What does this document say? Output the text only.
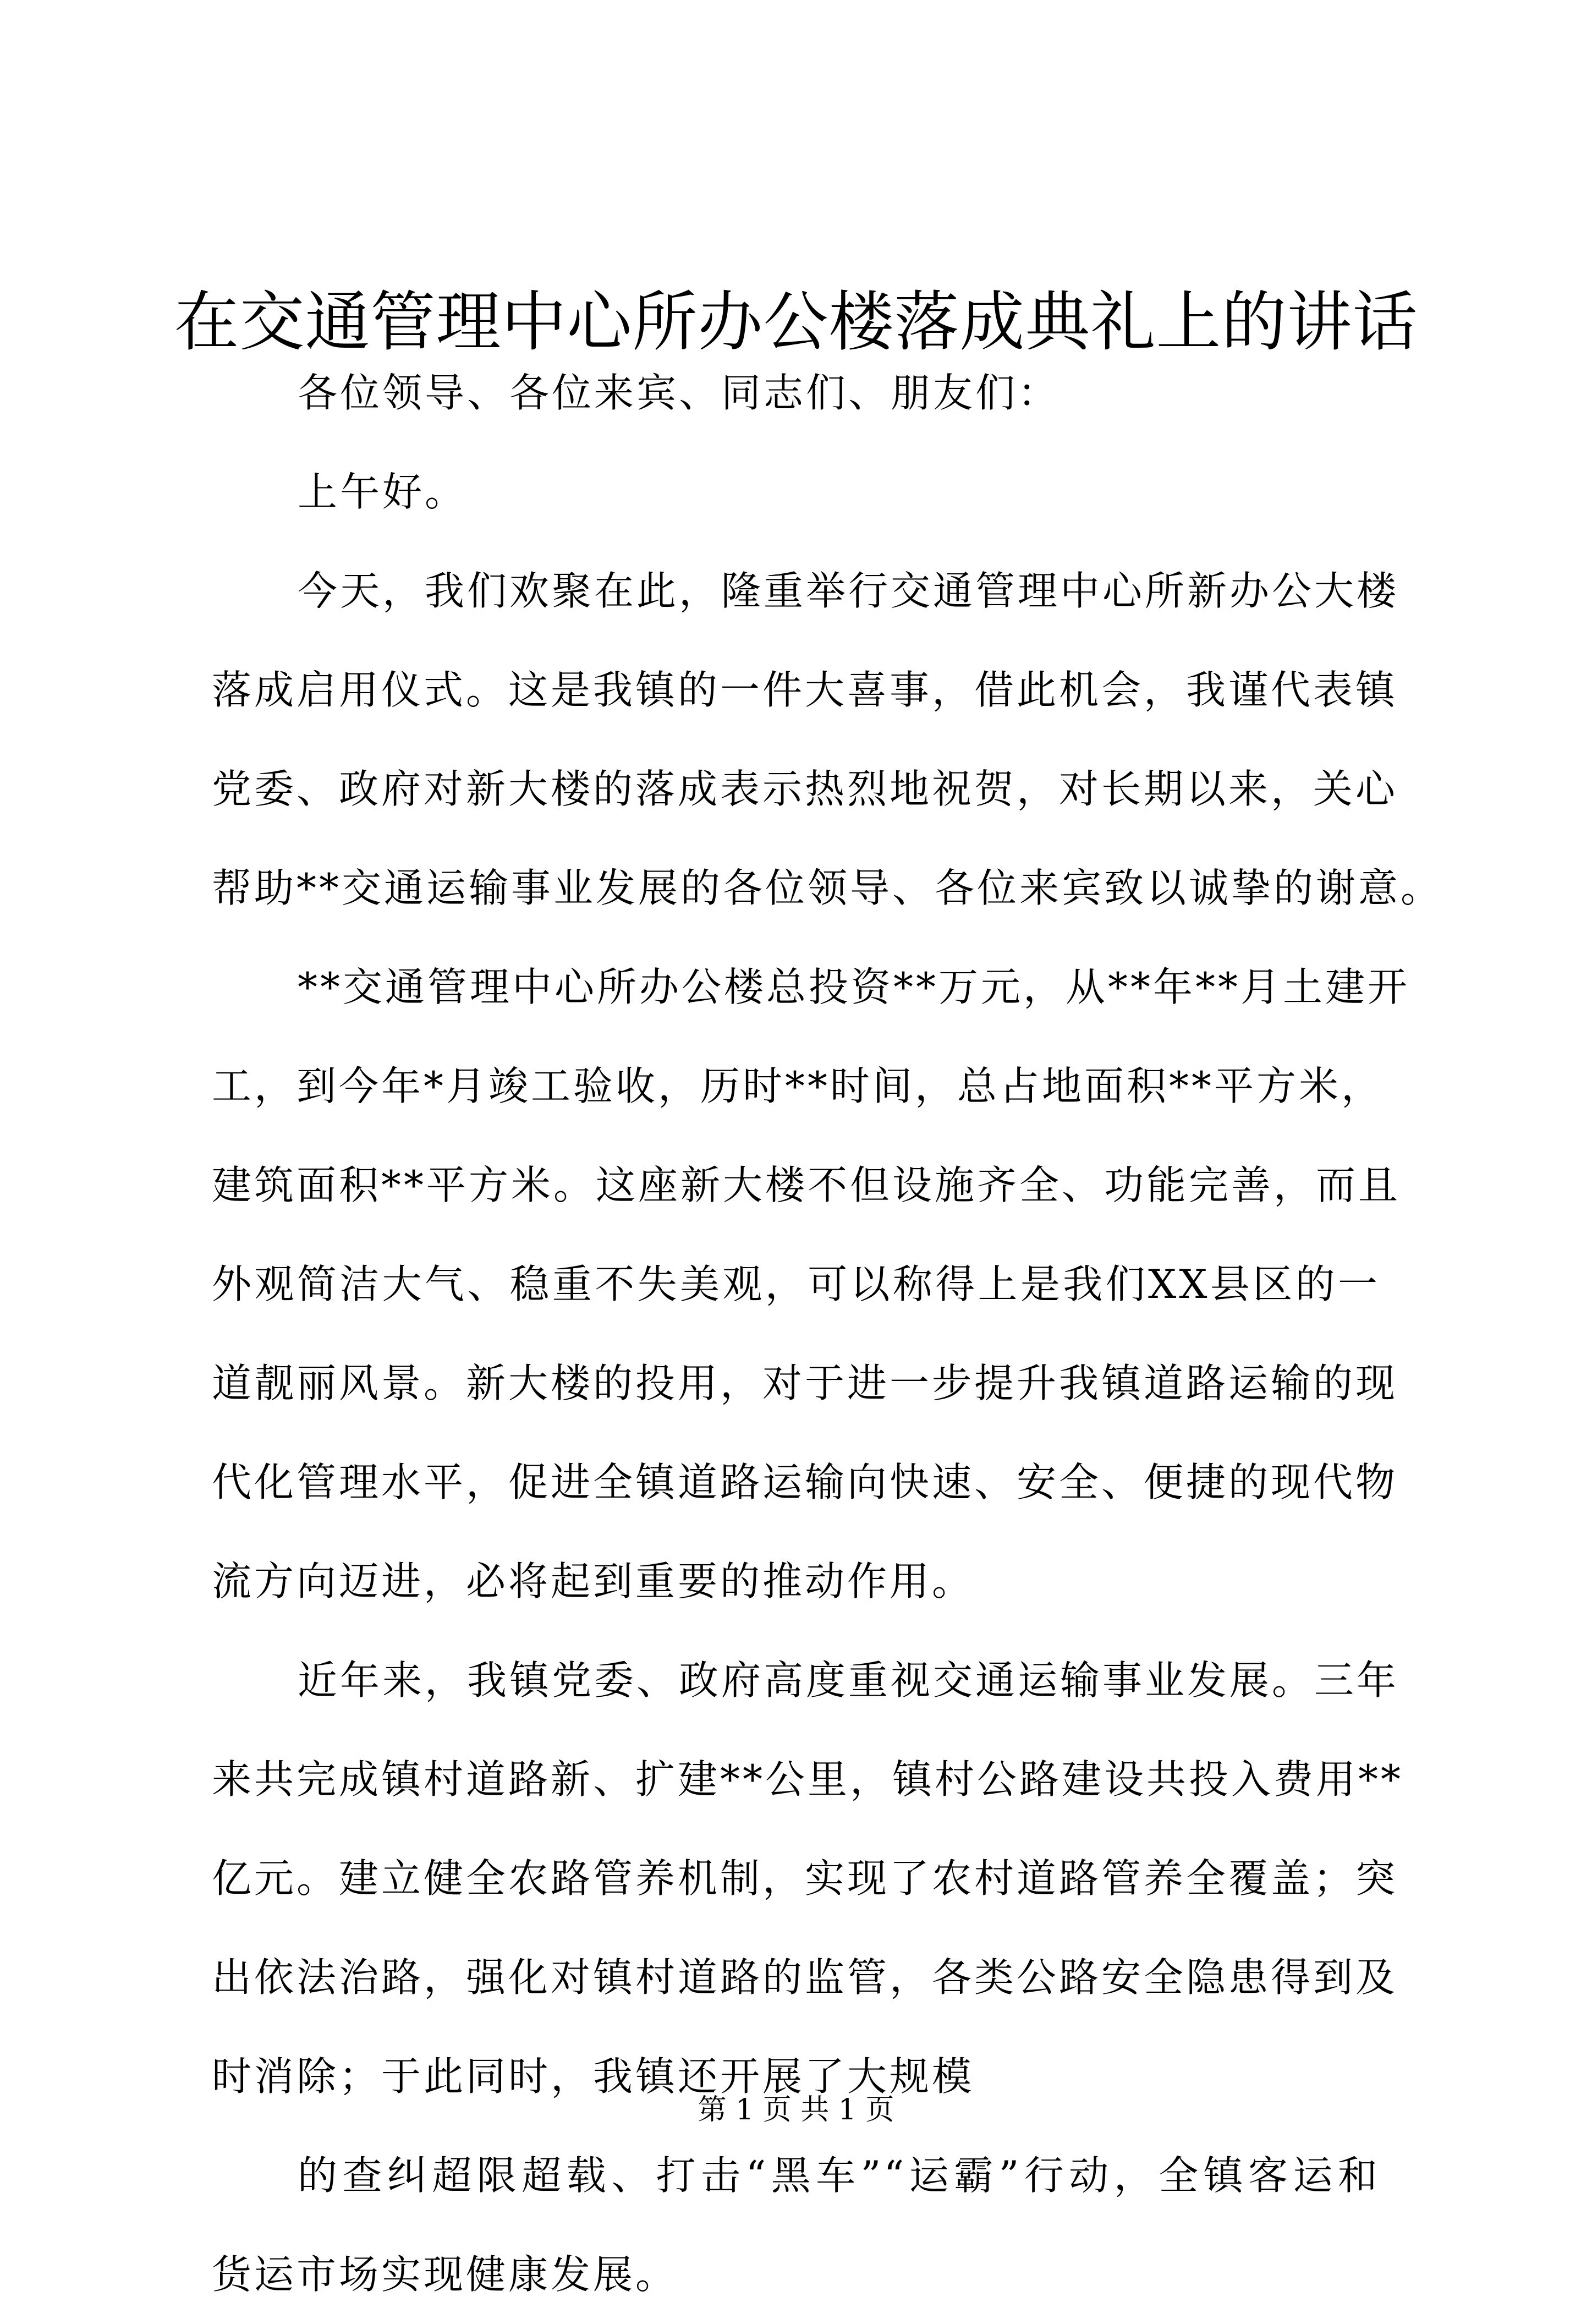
在交通管理中心所办公楼落成典礼上的讲话
各位领导、各位来宾、同志们、朋友们：
上午好。
今天，我们欢聚在此，隆重举行交通管理中心所新办公大楼
落成启用仪式。这是我镇的一件大喜事，借此机会，我谨代表镇
党委、政府对新大楼的落成表示热烈地祝贺，对长期以来，关心
帮助**交通运输事业发展的各位领导、各位来宾致以诚挚的谢意。
**交通管理中心所办公楼总投资**万元，从**年**月土建开
工，到今年*月竣工验收，历时**时间，总占地面积**平方米，
建筑面积**平方米。这座新大楼不但设施齐全、功能完善，而且
外观简洁大气、稳重不失美观，可以称得上是我们XX县区的一
道靓丽风景。新大楼的投用，对于进一步提升我镇道路运输的现
代化管理水平，促进全镇道路运输向快速、安全、便捷的现代物
流方向迈进，必将起到重要的推动作用。
近年来，我镇党委、政府高度重视交通运输事业发展。三年
来共完成镇村道路新、扩建**公里，镇村公路建设共投入费用**
亿元。建立健全农路管养机制，实现了农村道路管养全覆盖；突
出依法治路，强化对镇村道路的监管，各类公路安全隐患得到及
时消除；于此同时，我镇还开展了大规模
的查纠超限超载、打击“黑车”“运霸”行动，全镇客运和
货运市场实现健康发展。
第 1 页 共 1 页
